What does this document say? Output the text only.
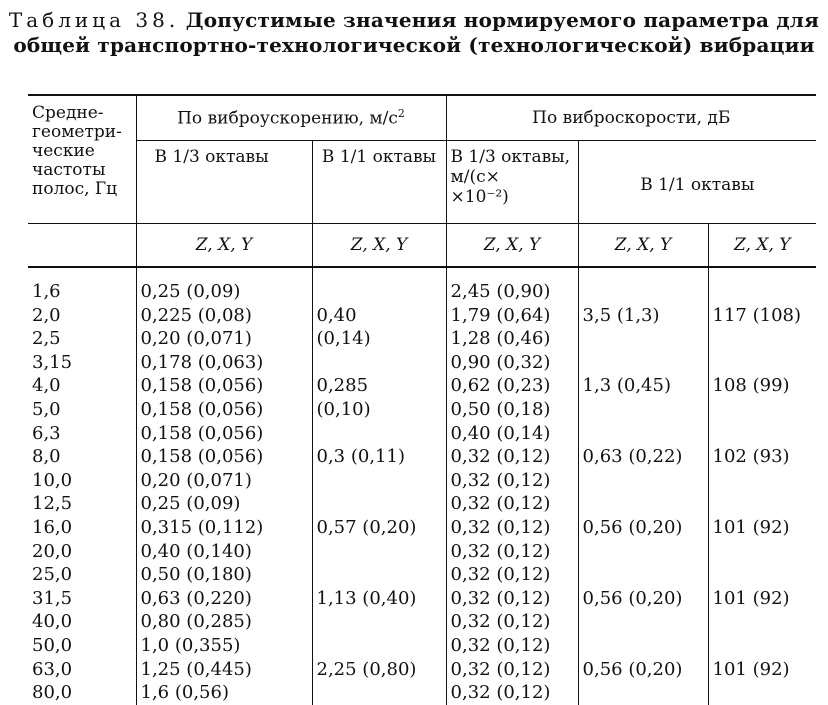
Таблица 38. Допустимые значения нормируемого параметра для
общей транспортно-технологической (технологической) вибрации
Средне-геометри-ческие частоты полос, Гц	По виброускорению, $м/с^2$		По виброскорости, дБ		
	В 1/3 октавы	В 1/1 октавы	В 1/3 октавы, м/(с×
×10⁻²)	В 1/1 октавы	
	Z, X, Y	Z, X, Y	Z, X, Y	Z, X, Y	Z, X, Y

1,6	0,25 (0,09)		2,45 (0,90)		
2,0	0,225 (0,08)	0,40	1,79 (0,64)	3,5 (1,3)	117 (108)
2,5	0,20 (0,071)	(0,14)	1,28 (0,46)		
3,15	0,178 (0,063)		0,90 (0,32)		
4,0	0,158 (0,056)	0,285	0,62 (0,23)	1,3 (0,45)	108 (99)
5,0	0,158 (0,056)	(0,10)	0,50 (0,18)		
6,3	0,158 (0,056)		0,40 (0,14)		
8,0	0,158 (0,056)	0,3 (0,11)	0,32 (0,12)	0,63 (0,22)	102 (93)
10,0	0,20 (0,071)		0,32 (0,12)		
12,5	0,25 (0,09)		0,32 (0,12)		
16,0	0,315 (0,112)	0,57 (0,20)	0,32 (0,12)	0,56 (0,20)	101 (92)
20,0	0,40 (0,140)		0,32 (0,12)		
25,0	0,50 (0,180)		0,32 (0,12)		
31,5	0,63 (0,220)	1,13 (0,40)	0,32 (0,12)	0,56 (0,20)	101 (92)
40,0	0,80 (0,285)		0,32 (0,12)		
50,0	1,0 (0,355)		0,32 (0,12)		
63,0	1,25 (0,445)	2,25 (0,80)	0,32 (0,12)	0,56 (0,20)	101 (92)
80,0	1,6 (0,56)		0,32 (0,12)		
